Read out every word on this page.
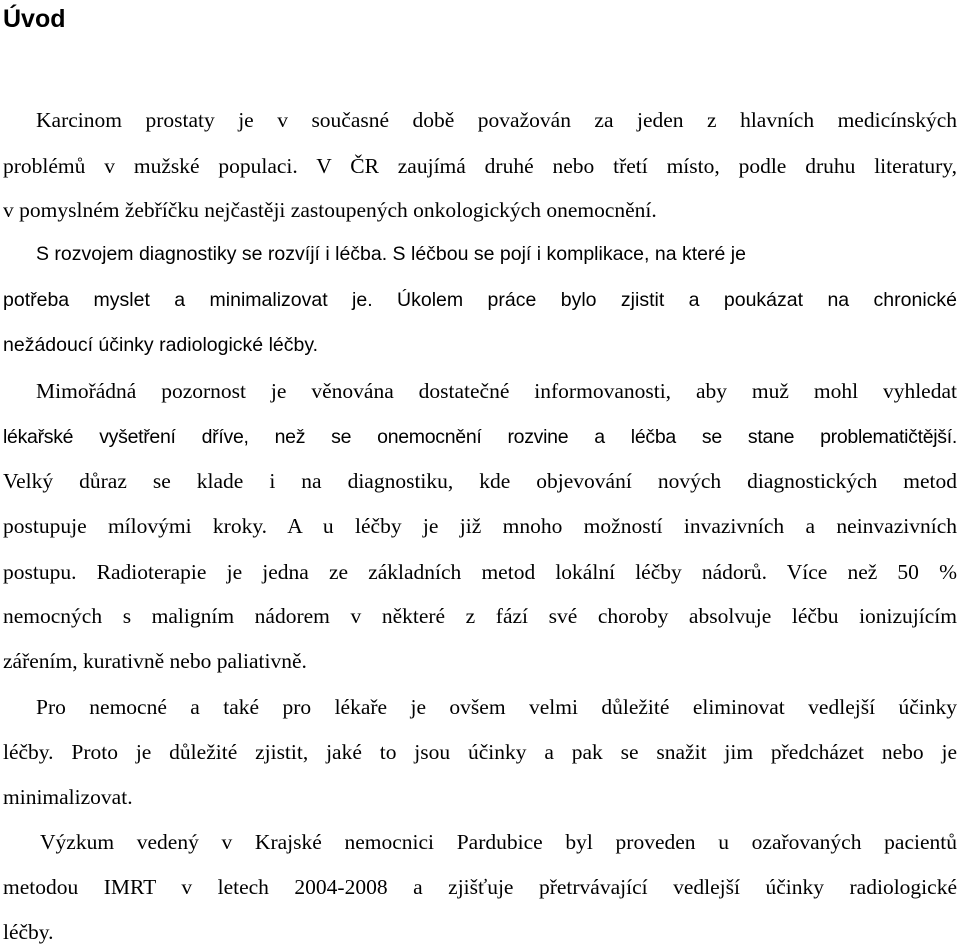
Úvod
Karcinom prostaty je v současné době považován za jeden z hlavních medicínských
problémů v mužské populaci. V ČR zaujímá druhé nebo třetí místo, podle druhu literatury,
v pomyslném žebříčku nejčastěji zastoupených onkologických onemocnění.
S rozvojem diagnostiky se rozvíjí i léčba. S léčbou se pojí i komplikace, na které je
potřeba myslet a minimalizovat je. Úkolem práce bylo zjistit a poukázat na chronické
nežádoucí účinky radiologické léčby.
Mimořádná pozornost je věnována dostatečné informovanosti, aby muž mohl vyhledat
lékařské vyšetření dříve, než se onemocnění rozvine a léčba se stane problematičtější.
Velký důraz se klade i na diagnostiku, kde objevování nových diagnostických metod
postupuje mílovými kroky. A u léčby je již mnoho možností invazivních a neinvazivních
postupu. Radioterapie je jedna ze základních metod lokální léčby nádorů. Více než 50 %
nemocných s maligním nádorem v některé z fází své choroby absolvuje léčbu ionizujícím
zářením, kurativně nebo paliativně.
Pro nemocné a také pro lékaře je ovšem velmi důležité eliminovat vedlejší účinky
léčby. Proto je důležité zjistit, jaké to jsou účinky a pak se snažit jim předcházet nebo je
minimalizovat.
Výzkum vedený v Krajské nemocnici Pardubice byl proveden u ozařovaných pacientů
metodou IMRT v letech 2004-2008 a zjišťuje přetrvávající vedlejší účinky radiologické
léčby.
